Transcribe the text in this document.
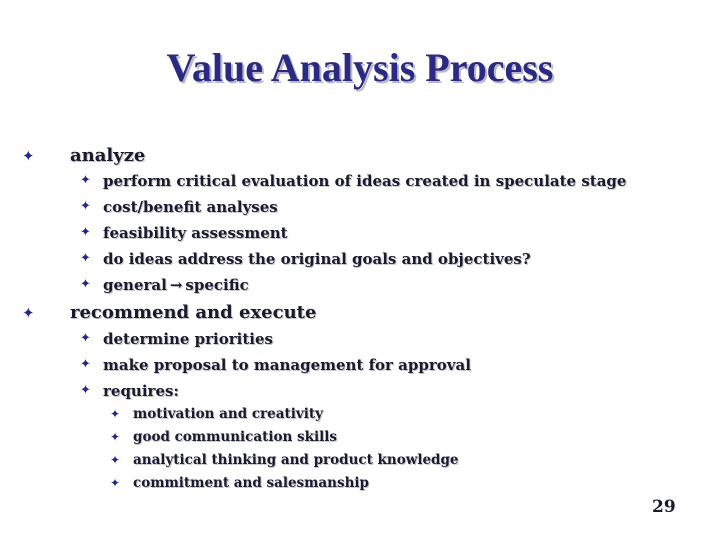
Value Analysis Process
✦ analyze
✦ perform critical evaluation of ideas created in speculate stage
✦ cost/benefit analyses
✦ feasibility assessment
✦ do ideas address the original goals and objectives?
✦ general → specific
✦ recommend and execute
✦ determine priorities
✦ make proposal to management for approval
✦ requires:
✦ motivation and creativity
✦ good communication skills
✦ analytical thinking and product knowledge
✦ commitment and salesmanship
29
